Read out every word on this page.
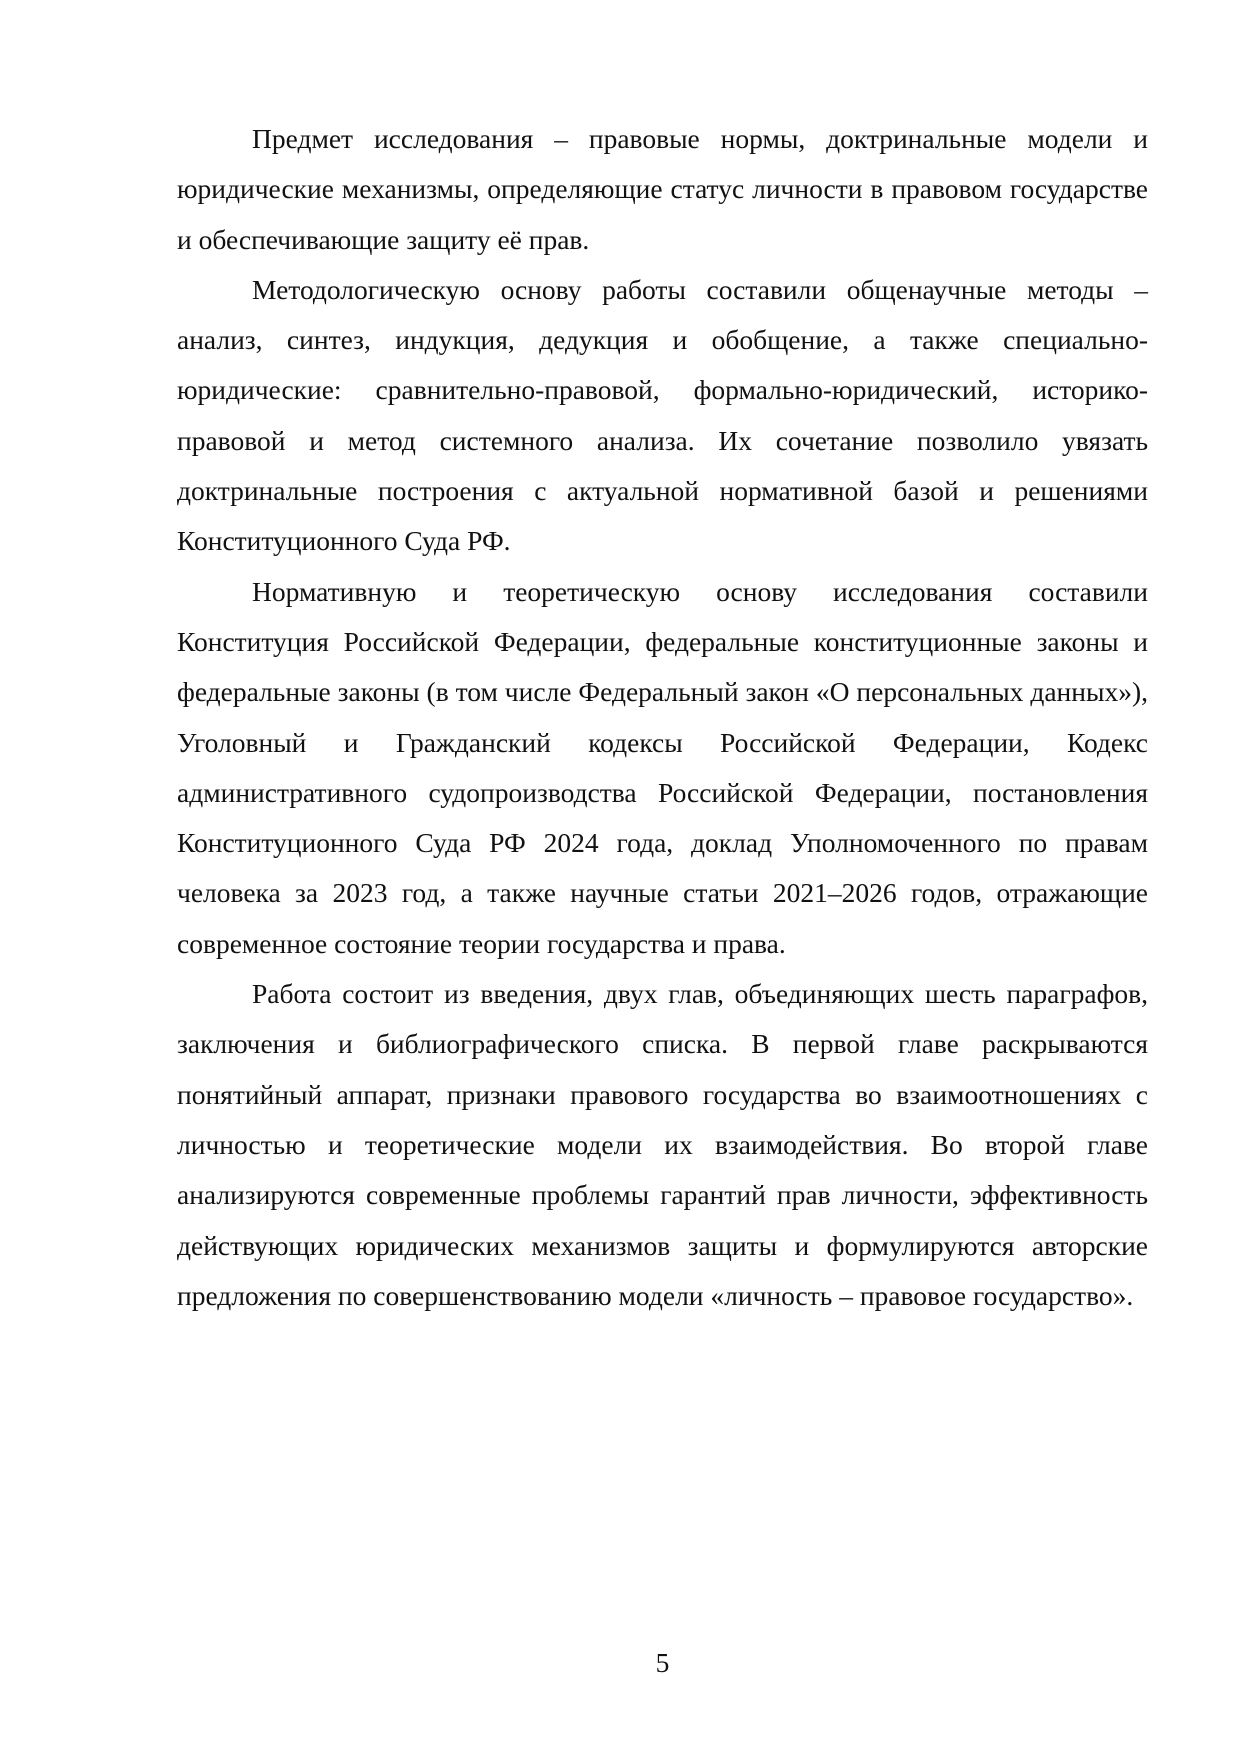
Предмет исследования – правовые нормы, доктринальные модели и юридические механизмы, определяющие статус личности в правовом государстве и обеспечивающие защиту её прав.

Методологическую основу работы составили общенаучные методы – анализ, синтез, индукция, дедукция и обобщение, а также специально-юридические: сравнительно-правовой, формально-юридический, историко-правовой и метод системного анализа. Их сочетание позволило увязать доктринальные построения с актуальной нормативной базой и решениями Конституционного Суда РФ.

Нормативную и теоретическую основу исследования составили Конституция Российской Федерации, федеральные конституционные законы и федеральные законы (в том числе Федеральный закон «О персональных данных»), Уголовный и Гражданский кодексы Российской Федерации, Кодекс административного судопроизводства Российской Федерации, постановления Конституционного Суда РФ 2024 года, доклад Уполномоченного по правам человека за 2023 год, а также научные статьи 2021–2026 годов, отражающие современное состояние теории государства и права.

Работа состоит из введения, двух глав, объединяющих шесть параграфов, заключения и библиографического списка. В первой главе раскрываются понятийный аппарат, признаки правового государства во взаимоотношениях с личностью и теоретические модели их взаимодействия. Во второй главе анализируются современные проблемы гарантий прав личности, эффективность действующих юридических механизмов защиты и формулируются авторские предложения по совершенствованию модели «личность – правовое государство».

5
